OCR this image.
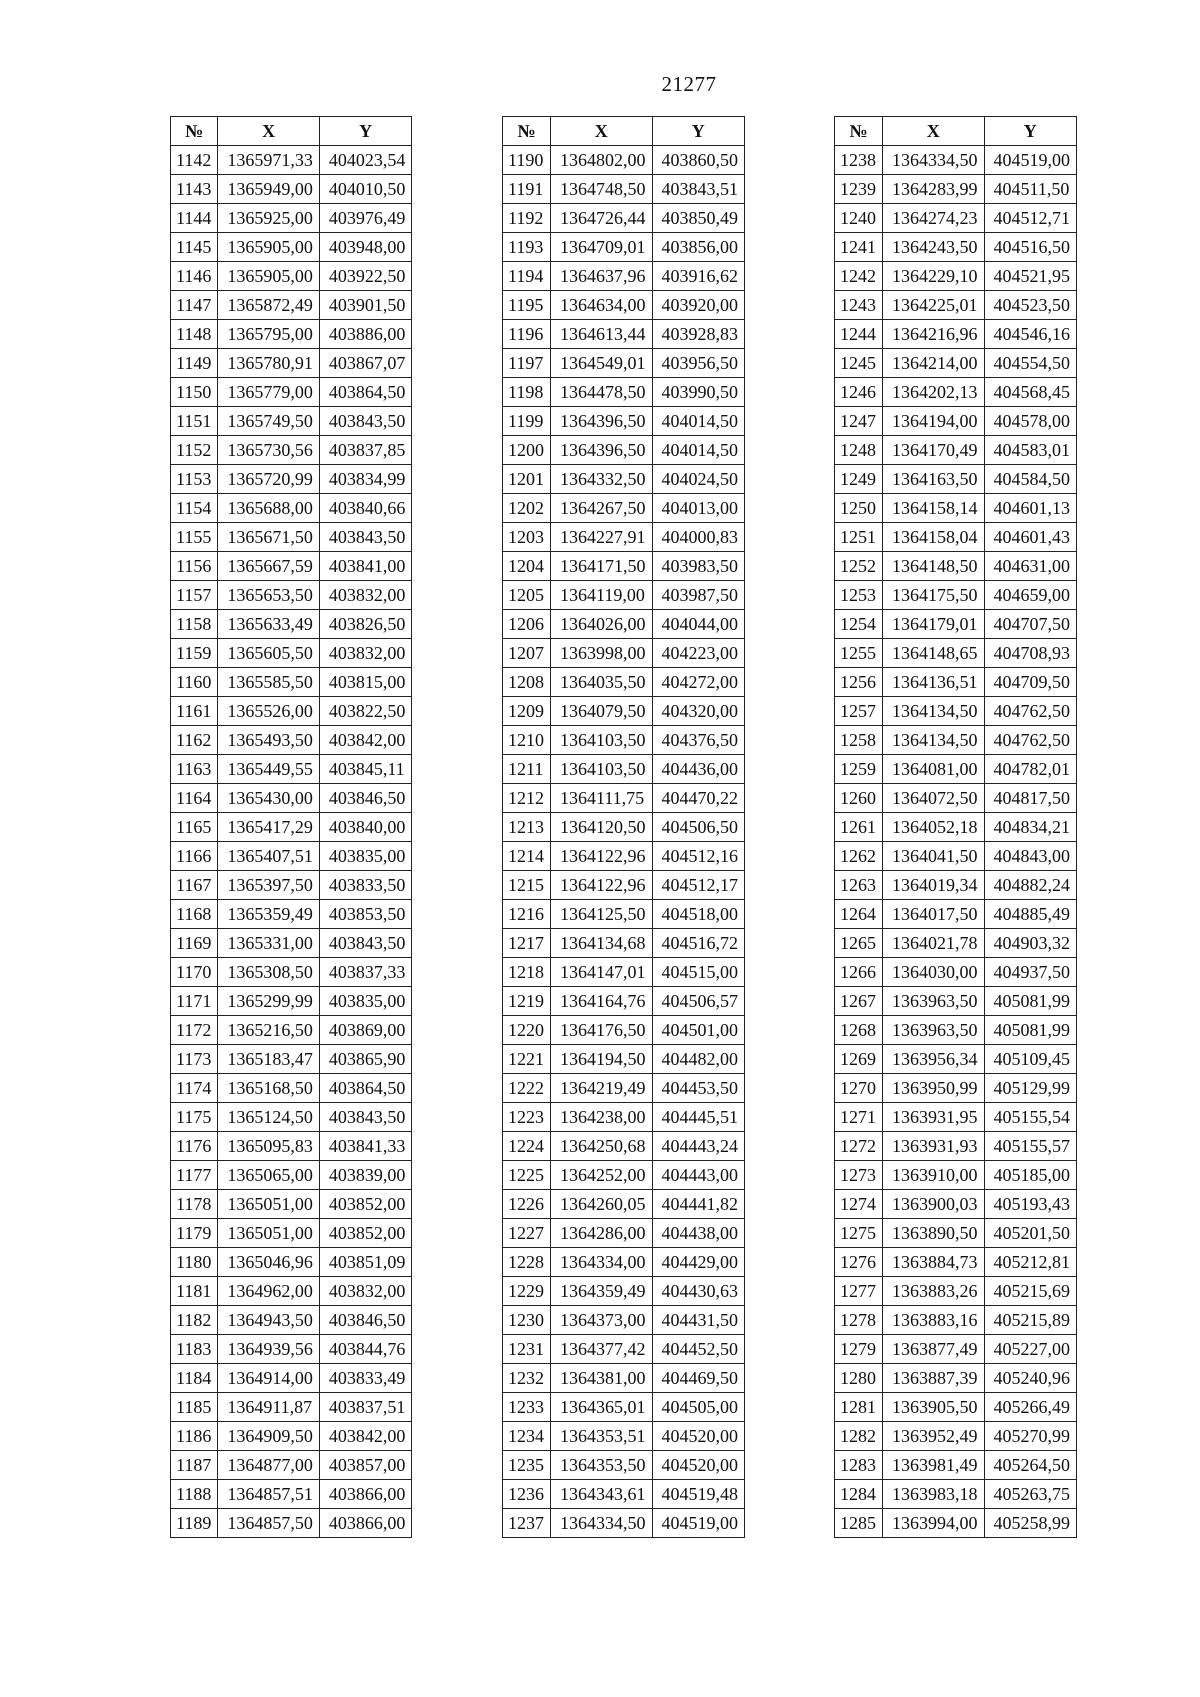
21277
№	X	Y
1142	1365971,33	404023,54
1143	1365949,00	404010,50
1144	1365925,00	403976,49
1145	1365905,00	403948,00
1146	1365905,00	403922,50
1147	1365872,49	403901,50
1148	1365795,00	403886,00
1149	1365780,91	403867,07
1150	1365779,00	403864,50
1151	1365749,50	403843,50
1152	1365730,56	403837,85
1153	1365720,99	403834,99
1154	1365688,00	403840,66
1155	1365671,50	403843,50
1156	1365667,59	403841,00
1157	1365653,50	403832,00
1158	1365633,49	403826,50
1159	1365605,50	403832,00
1160	1365585,50	403815,00
1161	1365526,00	403822,50
1162	1365493,50	403842,00
1163	1365449,55	403845,11
1164	1365430,00	403846,50
1165	1365417,29	403840,00
1166	1365407,51	403835,00
1167	1365397,50	403833,50
1168	1365359,49	403853,50
1169	1365331,00	403843,50
1170	1365308,50	403837,33
1171	1365299,99	403835,00
1172	1365216,50	403869,00
1173	1365183,47	403865,90
1174	1365168,50	403864,50
1175	1365124,50	403843,50
1176	1365095,83	403841,33
1177	1365065,00	403839,00
1178	1365051,00	403852,00
1179	1365051,00	403852,00
1180	1365046,96	403851,09
1181	1364962,00	403832,00
1182	1364943,50	403846,50
1183	1364939,56	403844,76
1184	1364914,00	403833,49
1185	1364911,87	403837,51
1186	1364909,50	403842,00
1187	1364877,00	403857,00
1188	1364857,51	403866,00
1189	1364857,50	403866,00
№	X	Y
1190	1364802,00	403860,50
1191	1364748,50	403843,51
1192	1364726,44	403850,49
1193	1364709,01	403856,00
1194	1364637,96	403916,62
1195	1364634,00	403920,00
1196	1364613,44	403928,83
1197	1364549,01	403956,50
1198	1364478,50	403990,50
1199	1364396,50	404014,50
1200	1364396,50	404014,50
1201	1364332,50	404024,50
1202	1364267,50	404013,00
1203	1364227,91	404000,83
1204	1364171,50	403983,50
1205	1364119,00	403987,50
1206	1364026,00	404044,00
1207	1363998,00	404223,00
1208	1364035,50	404272,00
1209	1364079,50	404320,00
1210	1364103,50	404376,50
1211	1364103,50	404436,00
1212	1364111,75	404470,22
1213	1364120,50	404506,50
1214	1364122,96	404512,16
1215	1364122,96	404512,17
1216	1364125,50	404518,00
1217	1364134,68	404516,72
1218	1364147,01	404515,00
1219	1364164,76	404506,57
1220	1364176,50	404501,00
1221	1364194,50	404482,00
1222	1364219,49	404453,50
1223	1364238,00	404445,51
1224	1364250,68	404443,24
1225	1364252,00	404443,00
1226	1364260,05	404441,82
1227	1364286,00	404438,00
1228	1364334,00	404429,00
1229	1364359,49	404430,63
1230	1364373,00	404431,50
1231	1364377,42	404452,50
1232	1364381,00	404469,50
1233	1364365,01	404505,00
1234	1364353,51	404520,00
1235	1364353,50	404520,00
1236	1364343,61	404519,48
1237	1364334,50	404519,00
№	X	Y
1238	1364334,50	404519,00
1239	1364283,99	404511,50
1240	1364274,23	404512,71
1241	1364243,50	404516,50
1242	1364229,10	404521,95
1243	1364225,01	404523,50
1244	1364216,96	404546,16
1245	1364214,00	404554,50
1246	1364202,13	404568,45
1247	1364194,00	404578,00
1248	1364170,49	404583,01
1249	1364163,50	404584,50
1250	1364158,14	404601,13
1251	1364158,04	404601,43
1252	1364148,50	404631,00
1253	1364175,50	404659,00
1254	1364179,01	404707,50
1255	1364148,65	404708,93
1256	1364136,51	404709,50
1257	1364134,50	404762,50
1258	1364134,50	404762,50
1259	1364081,00	404782,01
1260	1364072,50	404817,50
1261	1364052,18	404834,21
1262	1364041,50	404843,00
1263	1364019,34	404882,24
1264	1364017,50	404885,49
1265	1364021,78	404903,32
1266	1364030,00	404937,50
1267	1363963,50	405081,99
1268	1363963,50	405081,99
1269	1363956,34	405109,45
1270	1363950,99	405129,99
1271	1363931,95	405155,54
1272	1363931,93	405155,57
1273	1363910,00	405185,00
1274	1363900,03	405193,43
1275	1363890,50	405201,50
1276	1363884,73	405212,81
1277	1363883,26	405215,69
1278	1363883,16	405215,89
1279	1363877,49	405227,00
1280	1363887,39	405240,96
1281	1363905,50	405266,49
1282	1363952,49	405270,99
1283	1363981,49	405264,50
1284	1363983,18	405263,75
1285	1363994,00	405258,99
